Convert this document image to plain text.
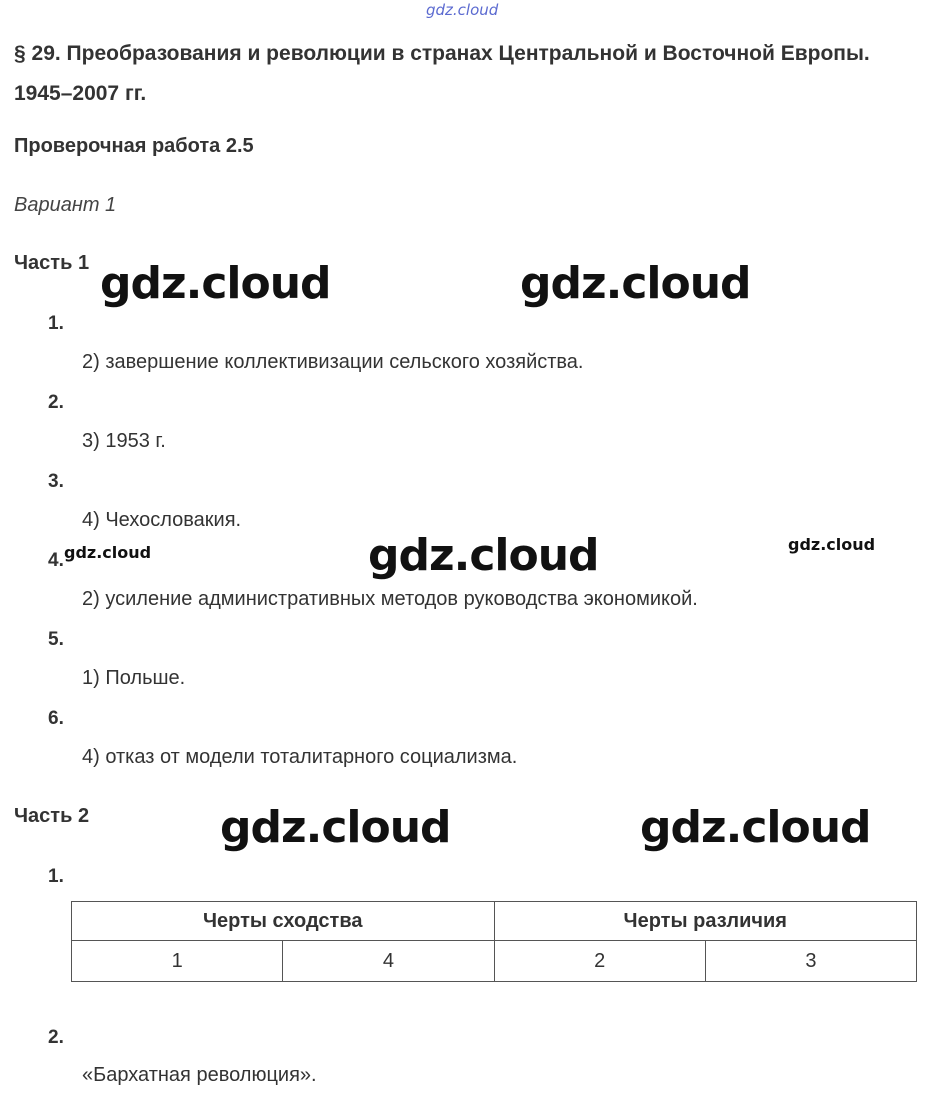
gdz.cloud
§ 29. Преобразования и революции в странах Центральной и Восточной Европы. 1945–2007 гг.
Проверочная работа 2.5
Вариант 1
Часть 1
1.
2) завершение коллективизации сельского хозяйства.
2.
3) 1953 г.
3.
4) Чехословакия.
4.
2) усиление административных методов руководства экономикой.
5.
1) Польше.
6.
4) отказ от модели тоталитарного социализма.
Часть 2
1.
Черты сходства		Черты различия	
1	4	2	3
2.
«Бархатная революция».
gdz.cloud	gdz.cloud
gdz.cloud
gdz.cloud	gdz.cloud
gdz.cloud	gdz.cloud
